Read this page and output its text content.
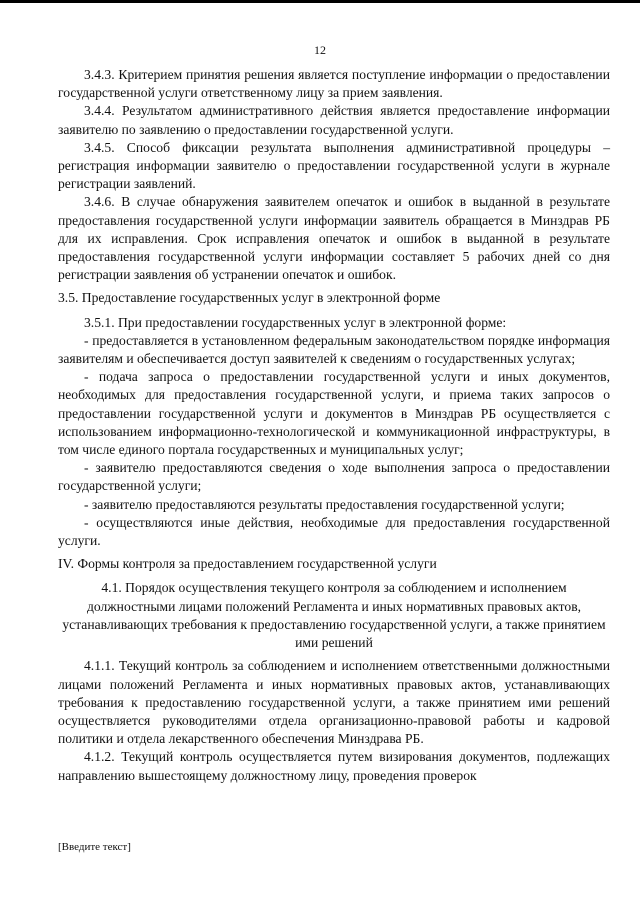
12

3.4.3. Критерием принятия решения является поступление информации о предоставлении государственной услуги ответственному лицу за прием заявления.

3.4.4. Результатом административного действия является предоставление информации заявителю по заявлению о предоставлении государственной услуги.

3.4.5. Способ фиксации результата выполнения административной процедуры – регистрация информации заявителю о предоставлении государственной услуги в журнале регистрации заявлений.

3.4.6. В случае обнаружения заявителем опечаток и ошибок в выданной в результате предоставления государственной услуги информации заявитель обращается в Минздрав РБ для их исправления. Срок исправления опечаток и ошибок в выданной в результате предоставления государственной услуги информации составляет 5 рабочих дней со дня регистрации заявления об устранении опечаток и ошибок.

3.5. Предоставление государственных услуг в электронной форме

3.5.1. При предоставлении государственных услуг в электронной форме:

- предоставляется в установленном федеральным законодательством порядке информация заявителям и обеспечивается доступ заявителей к сведениям о государственных услугах;

- подача запроса о предоставлении государственной услуги и иных документов, необходимых для предоставления государственной услуги, и приема таких запросов о предоставлении государственной услуги и документов в Минздрав РБ осуществляется с использованием информационно-технологической и коммуникационной инфраструктуры, в том числе единого портала государственных и муниципальных услуг;

- заявителю предоставляются сведения о ходе выполнения запроса о предоставлении государственной услуги;

- заявителю предоставляются результаты предоставления государственной услуги;

- осуществляются иные действия, необходимые для предоставления государственной услуги.

IV. Формы контроля за предоставлением государственной услуги

4.1. Порядок осуществления текущего контроля за соблюдением и исполнением должностными лицами положений Регламента и иных нормативных правовых актов, устанавливающих требования к предоставлению государственной услуги, а также принятием ими решений

4.1.1. Текущий контроль за соблюдением и исполнением ответственными должностными лицами положений Регламента и иных нормативных правовых актов, устанавливающих требования к предоставлению государственной услуги, а также принятием ими решений осуществляется руководителями отдела организационно-правовой работы и кадровой политики и отдела лекарственного обеспечения Минздрава РБ.

4.1.2. Текущий контроль осуществляется путем визирования документов, подлежащих направлению вышестоящему должностному лицу, проведения проверок

[Введите текст]
